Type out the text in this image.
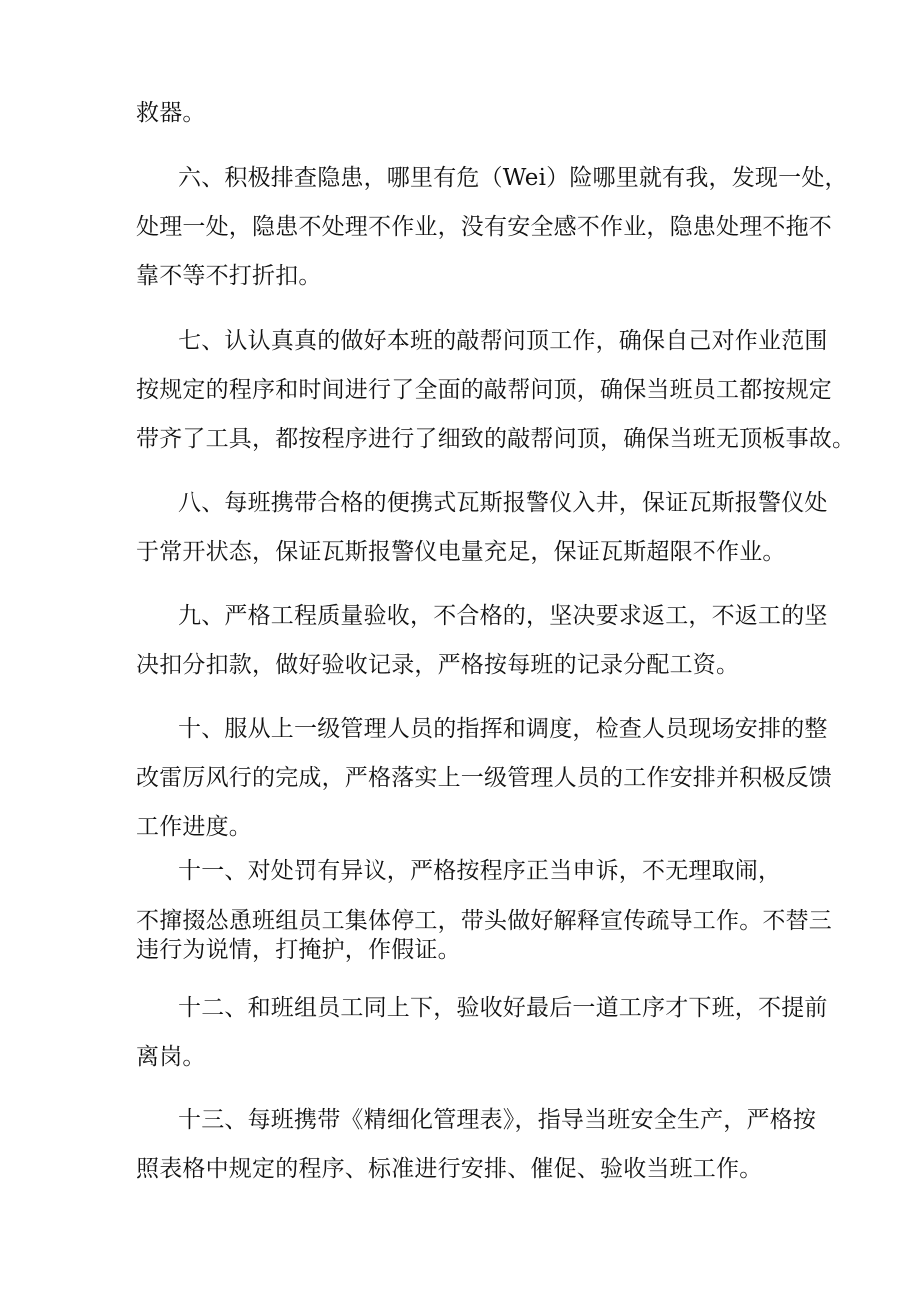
救器。
六、积极排查隐患，哪里有危（Wei）险哪里就有我，发现一处，
处理一处，隐患不处理不作业，没有安全感不作业，隐患处理不拖不
靠不等不打折扣。
七、认认真真的做好本班的敲帮问顶工作，确保自己对作业范围
按规定的程序和时间进行了全面的敲帮问顶，确保当班员工都按规定
带齐了工具，都按程序进行了细致的敲帮问顶，确保当班无顶板事故。
八、每班携带合格的便携式瓦斯报警仪入井，保证瓦斯报警仪处
于常开状态，保证瓦斯报警仪电量充足，保证瓦斯超限不作业。
九、严格工程质量验收，不合格的，坚决要求返工，不返工的坚
决扣分扣款，做好验收记录，严格按每班的记录分配工资。
十、服从上一级管理人员的指挥和调度，检查人员现场安排的整
改雷厉风行的完成，严格落实上一级管理人员的工作安排并积极反馈
工作进度。
十一、对处罚有异议，严格按程序正当申诉，不无理取闹，
不撺掇怂恿班组员工集体停工，带头做好解释宣传疏导工作。不替三
违行为说情，打掩护，作假证。
十二、和班组员工同上下，验收好最后一道工序才下班，不提前
离岗。
十三、每班携带《精细化管理表》，指导当班安全生产，严格按
照表格中规定的程序、标准进行安排、催促、验收当班工作。
